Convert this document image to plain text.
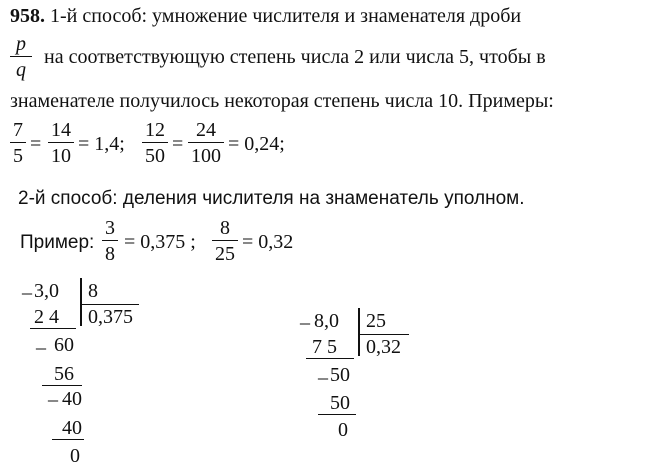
958. 1-й способ: умножение числителя и знаменателя дроби
p
q
на соответствующую степень числа 2 или числа 5, чтобы в
знаменателе получилось некоторая степень числа 10. Примеры:
7
5
=
14
10
= 1,4;
12
50
=
24
100
= 0,24;
2-й способ: деления числителя на знаменатель уполном.
Пример:
3
8
= 0,375 ;
8
25
= 0,32
_ 3,0 8
2 4 0,375
_ 60
56
_ 40
40
0
_ 8,0 25
7 5 0,32
_ 50
50
0
